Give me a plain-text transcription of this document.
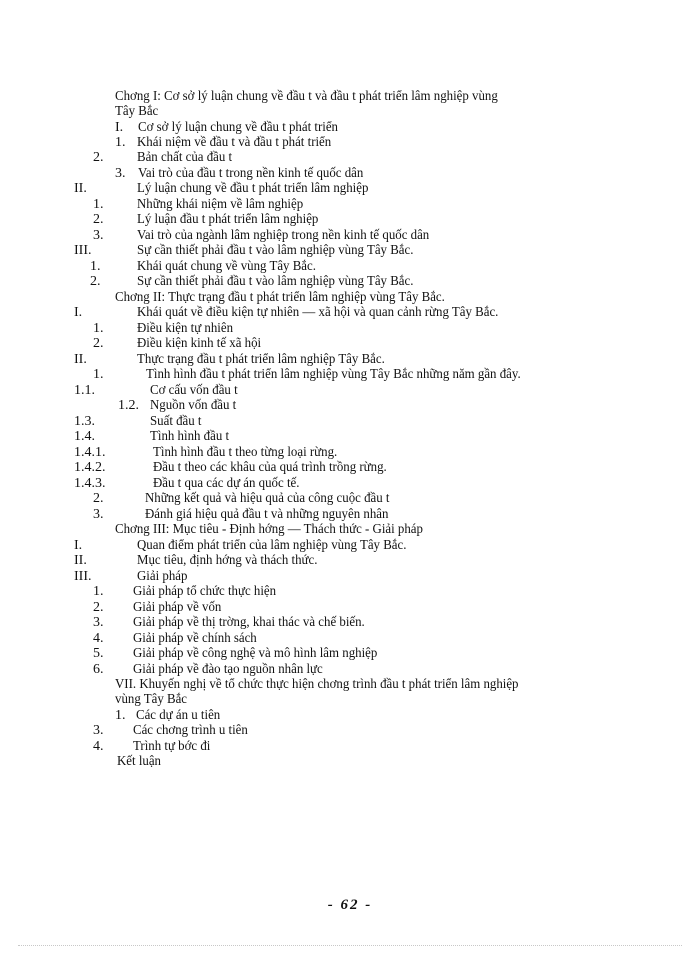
Chơng I: Cơ sở lý luận chung về đầu t và đầu t phát triển lâm nghiệp vùng
Tây Bắc
I. Cơ sở lý luận chung về đầu t phát triển
1. Khái niệm về đầu t và đầu t phát triển
2. Bản chất của đầu t
3. Vai trò của đầu t trong nền kinh tế quốc dân
II.	Lý luận chung về đầu t phát triển lâm nghiệp
1. Những khái niệm về lâm nghiệp
2. Lý luận đầu t phát triển lâm nghiệp
3. Vai trò của ngành lâm nghiệp trong nền kinh tế quốc dân
III.	Sự cần thiết phải đầu t vào lâm nghiệp vùng Tây Bắc.
1.	Khái quát chung về vùng Tây Bắc.
2.	Sự cần thiết phải đầu t vào lâm nghiệp vùng Tây Bắc.
Chơng II: Thực trạng đầu t phát triển lâm nghiệp vùng Tây Bắc.
I.	Khái quát về điều kiện tự nhiên — xã hội và quan cảnh rừng Tây Bắc.
1. Điều kiện tự nhiên
2. Điều kiện kinh tế xã hội
II.	Thực trạng đầu t phát triển lâm nghiệp Tây Bắc.
1.	Tình hình đầu t phát triển lâm nghiệp vùng Tây Bắc những năm gần đây.
1.1.	Cơ cấu vốn đầu t
1.2. Nguồn vốn đầu t
1.3.	Suất đầu t
1.4.	Tình hình đầu t
1.4.1.	Tình hình đầu t theo từng loại rừng.
1.4.2.	Đầu t theo các khâu của quá trình trồng rừng.
1.4.3.	Đầu t qua các dự án quốc tế.
2.	Những kết quả và hiệu quả của công cuộc đầu t
3.	Đánh giá hiệu quả đầu t và những nguyên nhân
Chơng III: Mục tiêu - Định hớng — Thách thức - Giải pháp
I.	Quan điểm phát triển của lâm nghiệp vùng Tây Bắc.
II.	Mục tiêu, định hớng và thách thức.
III.	Giải pháp
1. Giải pháp tổ chức thực hiện
2. Giải pháp về vốn
3. Giải pháp về thị trờng, khai thác và chế biến.
4. Giải pháp về chính sách
5. Giải pháp về công nghệ và mô hình lâm nghiệp
6. Giải pháp về đào tạo nguồn nhân lực
VII. Khuyến nghị về tổ chức thực hiện chơng trình đầu t phát triển lâm nghiệp
vùng Tây Bắc
1. Các dự án u tiên
3. Các chơng trình u tiên
4. Trình tự bớc đi
Kết luận
- 62 -
